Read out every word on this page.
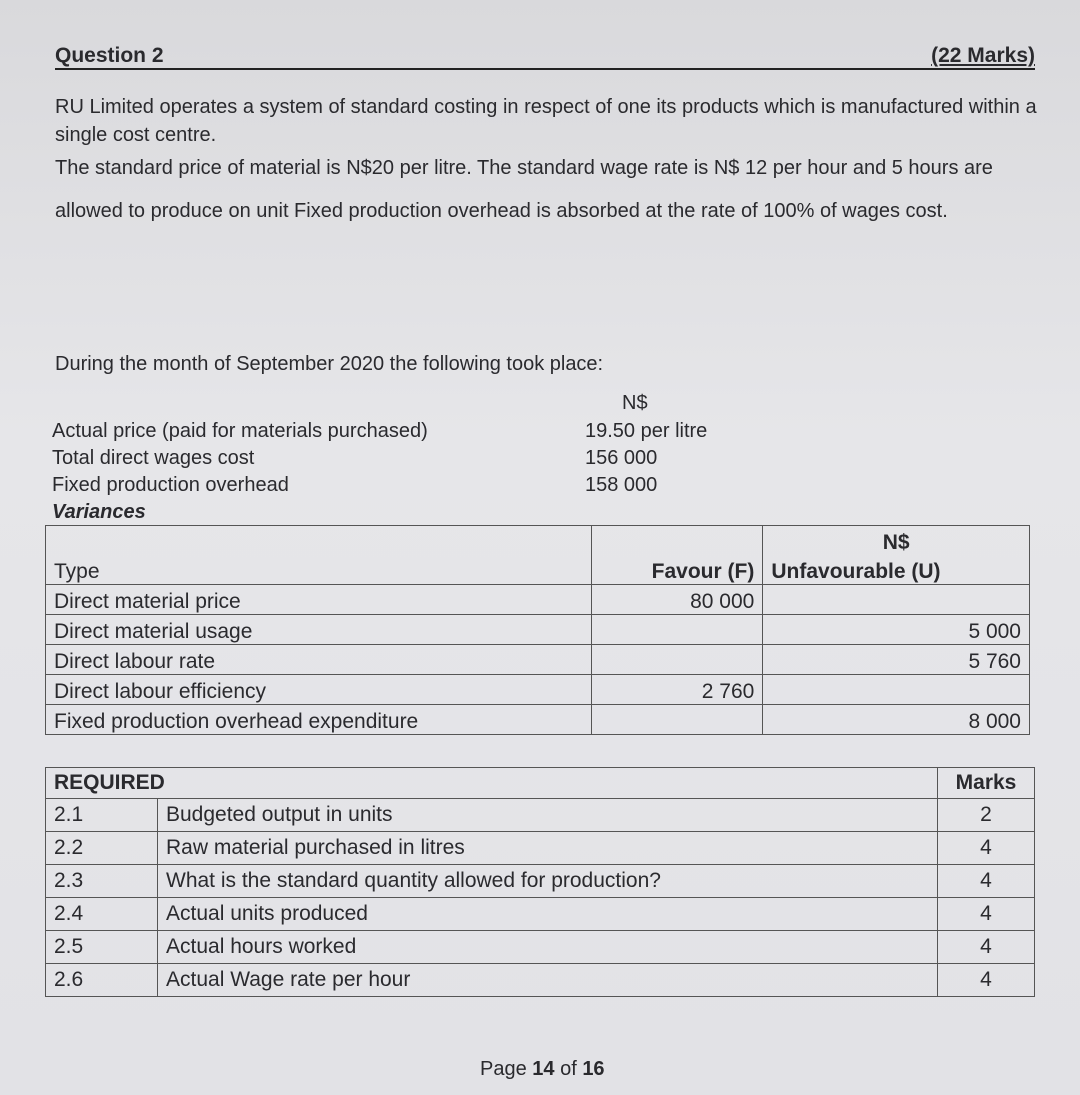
Question 2	(22 Marks)
RU Limited operates a system of standard costing in respect of one its products which is manufactured within a single cost centre.
The standard price of material is N$20 per litre. The standard wage rate is N$ 12 per hour and 5 hours are allowed to produce on unit Fixed production overhead is absorbed at the rate of 100% of wages cost.
During the month of September 2020 the following took place:
N$
Actual price (paid for materials purchased)	19.50 per litre
Total direct wages cost	156 000
Fixed production overhead	158 000
Variances
Type		N$
	Favour (F)	Unfavourable (U)
Direct material price	80 000	
Direct material usage		5 000
Direct labour rate		5 760
Direct labour efficiency	2 760	
Fixed production overhead expenditure		8 000
REQUIRED		Marks
2.1	Budgeted output in units	2
2.2	Raw material purchased in litres	4
2.3	What is the standard quantity allowed for production?	4
2.4	Actual units produced	4
2.5	Actual hours worked	4
2.6	Actual Wage rate per hour	4
Page 14 of 16
